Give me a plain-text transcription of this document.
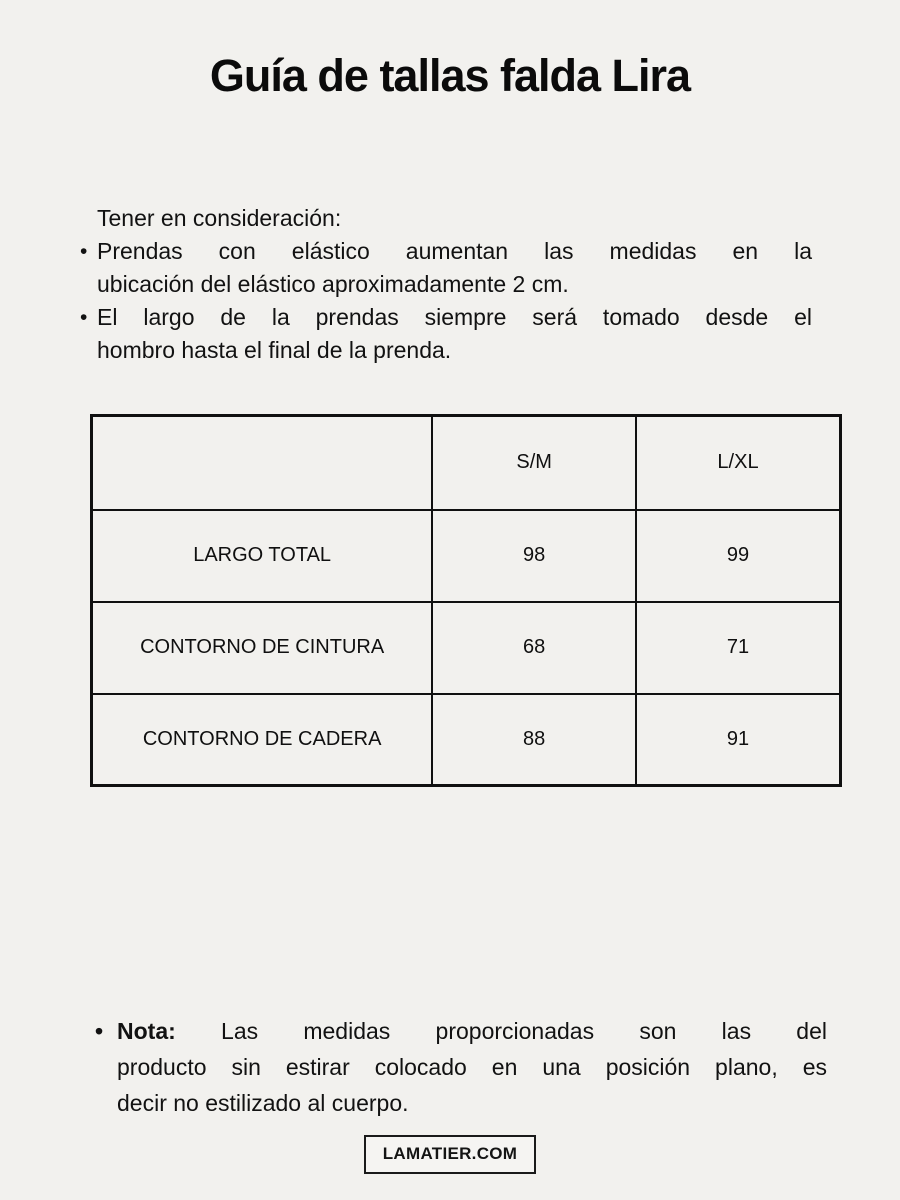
Guía de tallas falda Lira
Tener en consideración:
• Prendas con elástico aumentan las medidas en la
ubicación del elástico aproximadamente 2 cm.
• El largo de la prendas siempre será tomado desde el
hombro hasta el final de la prenda.
	S/M	L/XL
LARGO TOTAL	98	99
CONTORNO DE CINTURA	68	71
CONTORNO DE CADERA	88	91
• Nota: Las medidas proporcionadas son las del
producto sin estirar colocado en una posición plano, es
decir no estilizado al cuerpo.
LAMATIER.COM
